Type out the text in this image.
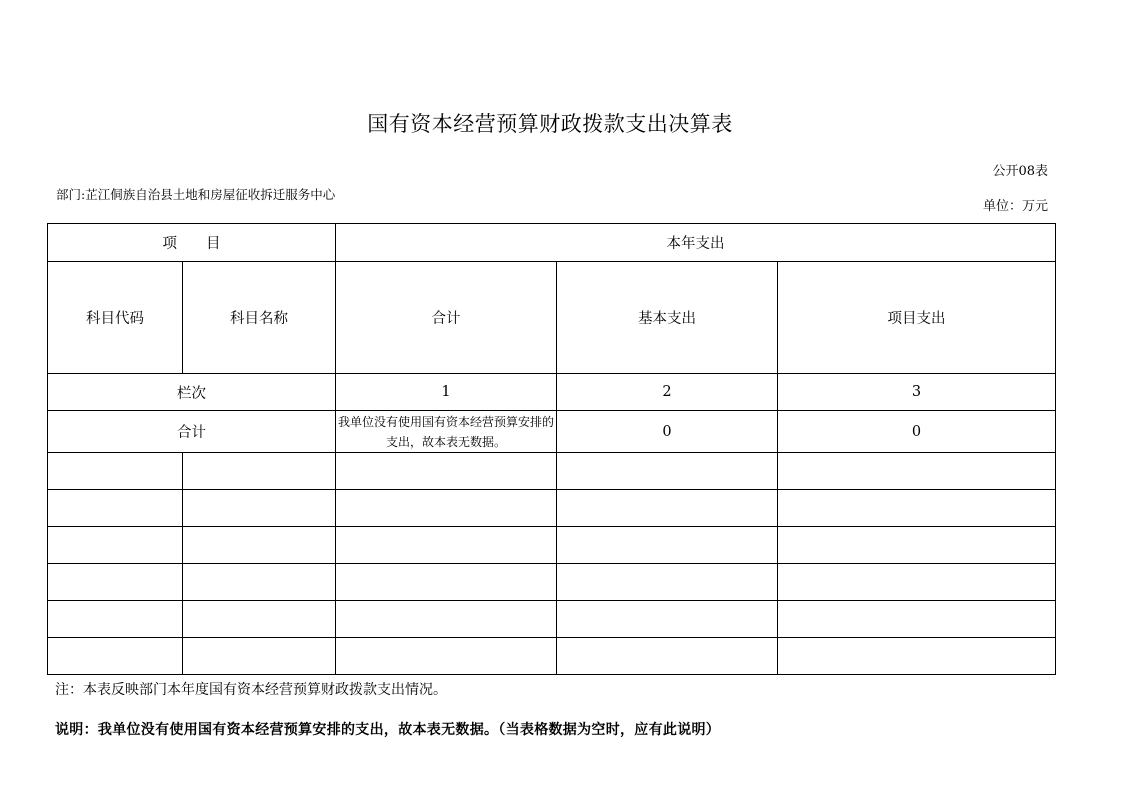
国有资本经营预算财政拨款支出决算表
公开08表
部门:芷江侗族自治县土地和房屋征收拆迁服务中心
单位：万元
项　　目		本年支出		
科目代码	科目名称	合计	基本支出	项目支出
栏次		1	2	3
合计		我单位没有使用国有资本经营预算安排的支出，故本表无数据。	0	0

注：本表反映部门本年度国有资本经营预算财政拨款支出情况。
说明：我单位没有使用国有资本经营预算安排的支出，故本表无数据。（当表格数据为空时，应有此说明）
